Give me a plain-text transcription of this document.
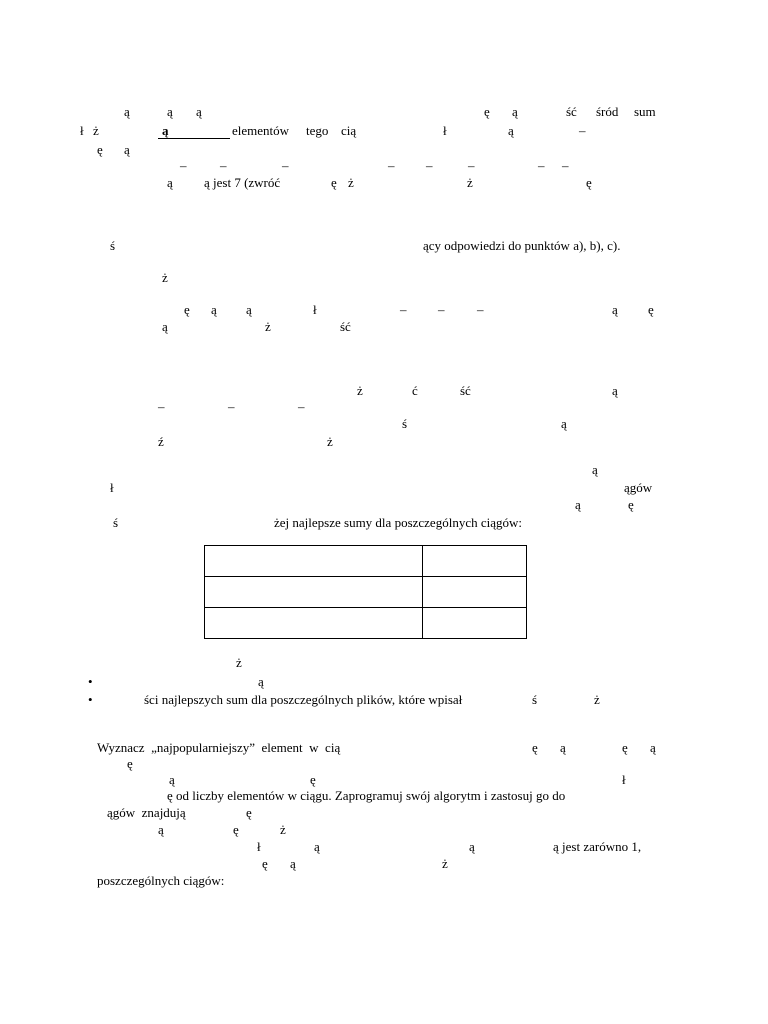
ą	ą ą	ę ą	ść śród sum
ł ż	ą	elementów tego cią	ł	ą	–
ę ą
–	–	–	– –	–	– –
ą ą jest 7 (zwróć	ę ż	ż	ę
ś	ący odpowiedzi do punktów a), b), c).
ż
ę ą ą	ł	– –	–	ą ę
ą	ż	ść
ż	ć	ść	ą
–	–	–
ś	ą
ź	ż
ą
ł	ągów
ą	ę
ś	żej najlepsze sumy dla poszczególnych ciągów:

ż
•	ą
•	ści najlepszych sum dla poszczególnych plików, które wpisał	ś	ż
Wyznacz  „najpopularniejszy”  element  w  cią	ę ą	ę ą
ę
ą	ę	ł
ę od liczby elementów w ciągu. Zaprogramuj swój algorytm i zastosuj go do
ągów  znajdują	ę
ą	ę	ż
ł	ą	ą	ą jest zarówno 1,
ę ą	ż
poszczególnych ciągów:
